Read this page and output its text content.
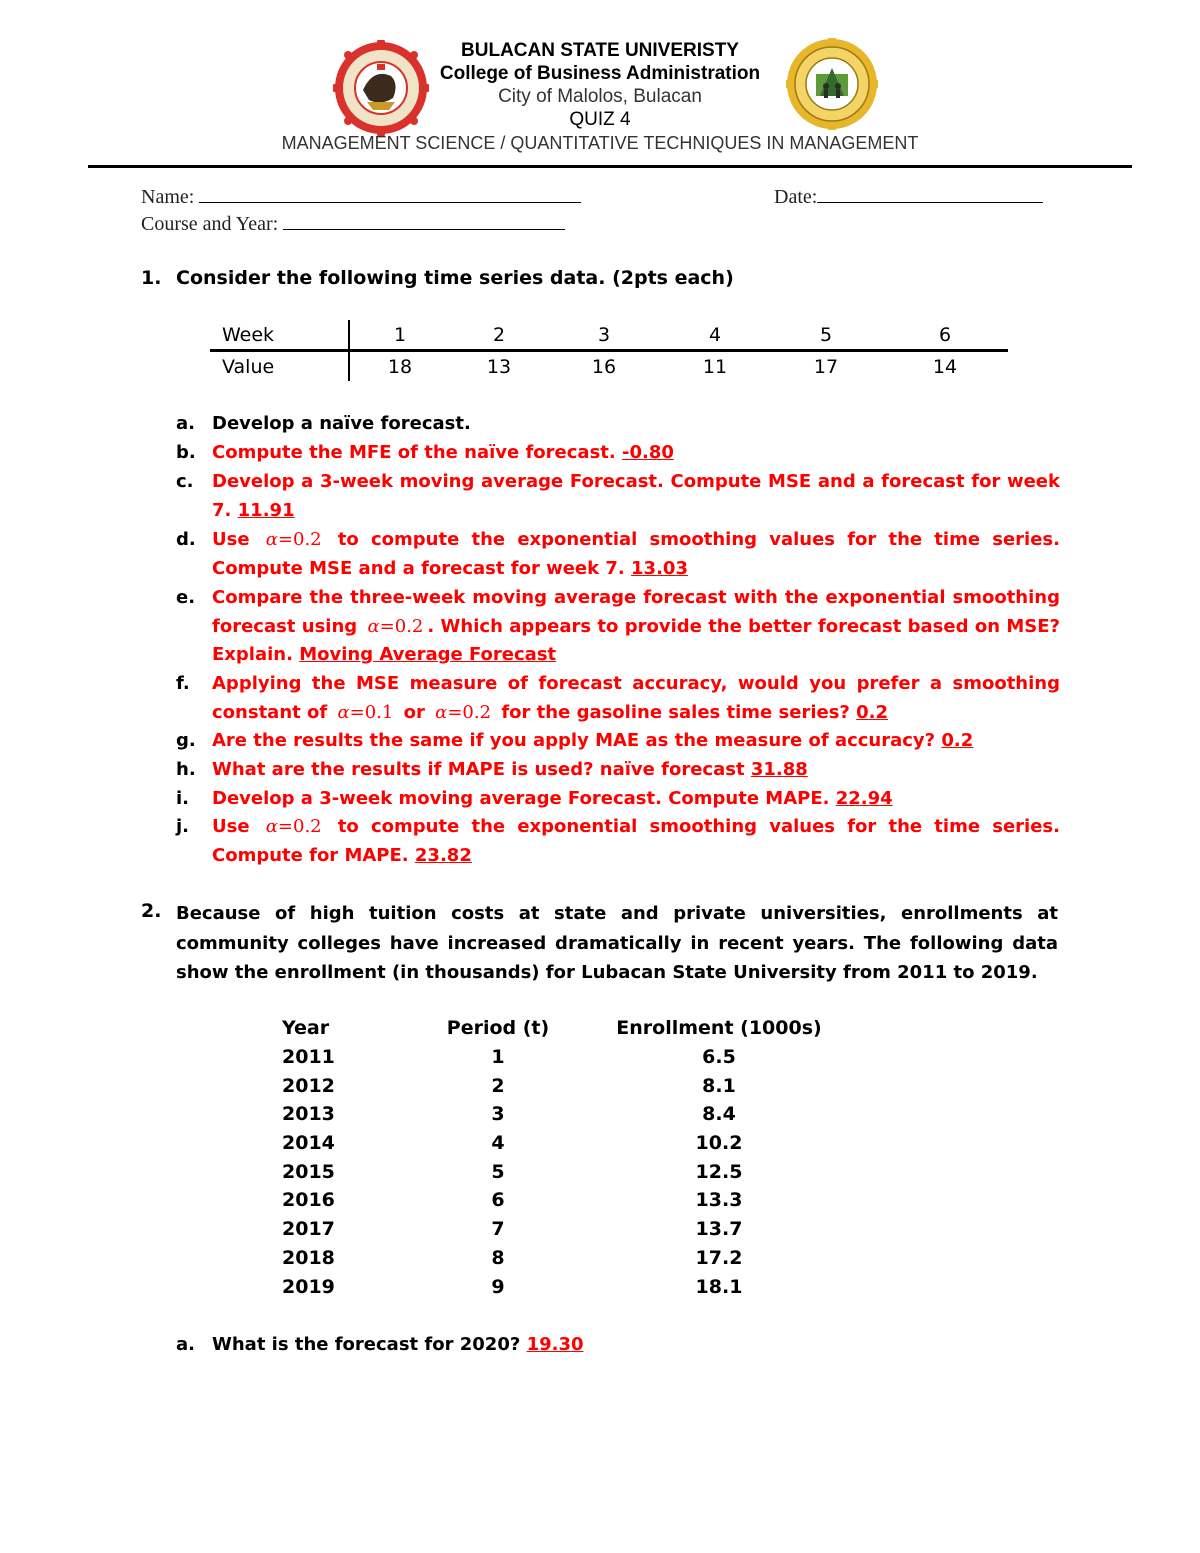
BULACAN STATE UNIVERISTY
College of Business Administration
City of Malolos, Bulacan
QUIZ 4
MANAGEMENT SCIENCE / QUANTITATIVE TECHNIQUES IN MANAGEMENT
Name:	Date:
Course and Year:
1. Consider the following time series data. (2pts each)
Week	1	2	3	4	5	6
Value	18	13	16	11	17	14
a. Develop a naïve forecast.
b. Compute the MFE of the naïve forecast. -0.80
c.	Develop a 3-week moving average Forecast. Compute MSE and a forecast for week 7. 11.91
d. Use α=0.2 to compute the exponential smoothing values for the time series. Compute MSE and a forecast for week 7. 13.03
e. Compare the three-week moving average forecast with the exponential smoothing forecast using α=0.2 . Which appears to provide the better forecast based on MSE? Explain. Moving Average Forecast
f.	Applying the MSE measure of forecast accuracy, would you prefer a smoothing constant of α=0.1 or α=0.2 for the gasoline sales time series? 0.2
g. Are the results the same if you apply MAE as the measure of accuracy? 0.2
h. What are the results if MAPE is used? naïve forecast 31.88
i.	Develop a 3-week moving average Forecast. Compute MAPE. 22.94
j.	Use α=0.2 to compute the exponential smoothing values for the time series. Compute for MAPE. 23.82
2. Because of high tuition costs at state and private universities, enrollments at community colleges have increased dramatically in recent years. The following data show the enrollment (in thousands) for Lubacan State University from 2011 to 2019.
Year	Period (t)	Enrollment (1000s)
2011	1	6.5
2012	2	8.1
2013	3	8.4
2014	4	10.2
2015	5	12.5
2016	6	13.3
2017	7	13.7
2018	8	17.2
2019	9	18.1
a. What is the forecast for 2020? 19.30
